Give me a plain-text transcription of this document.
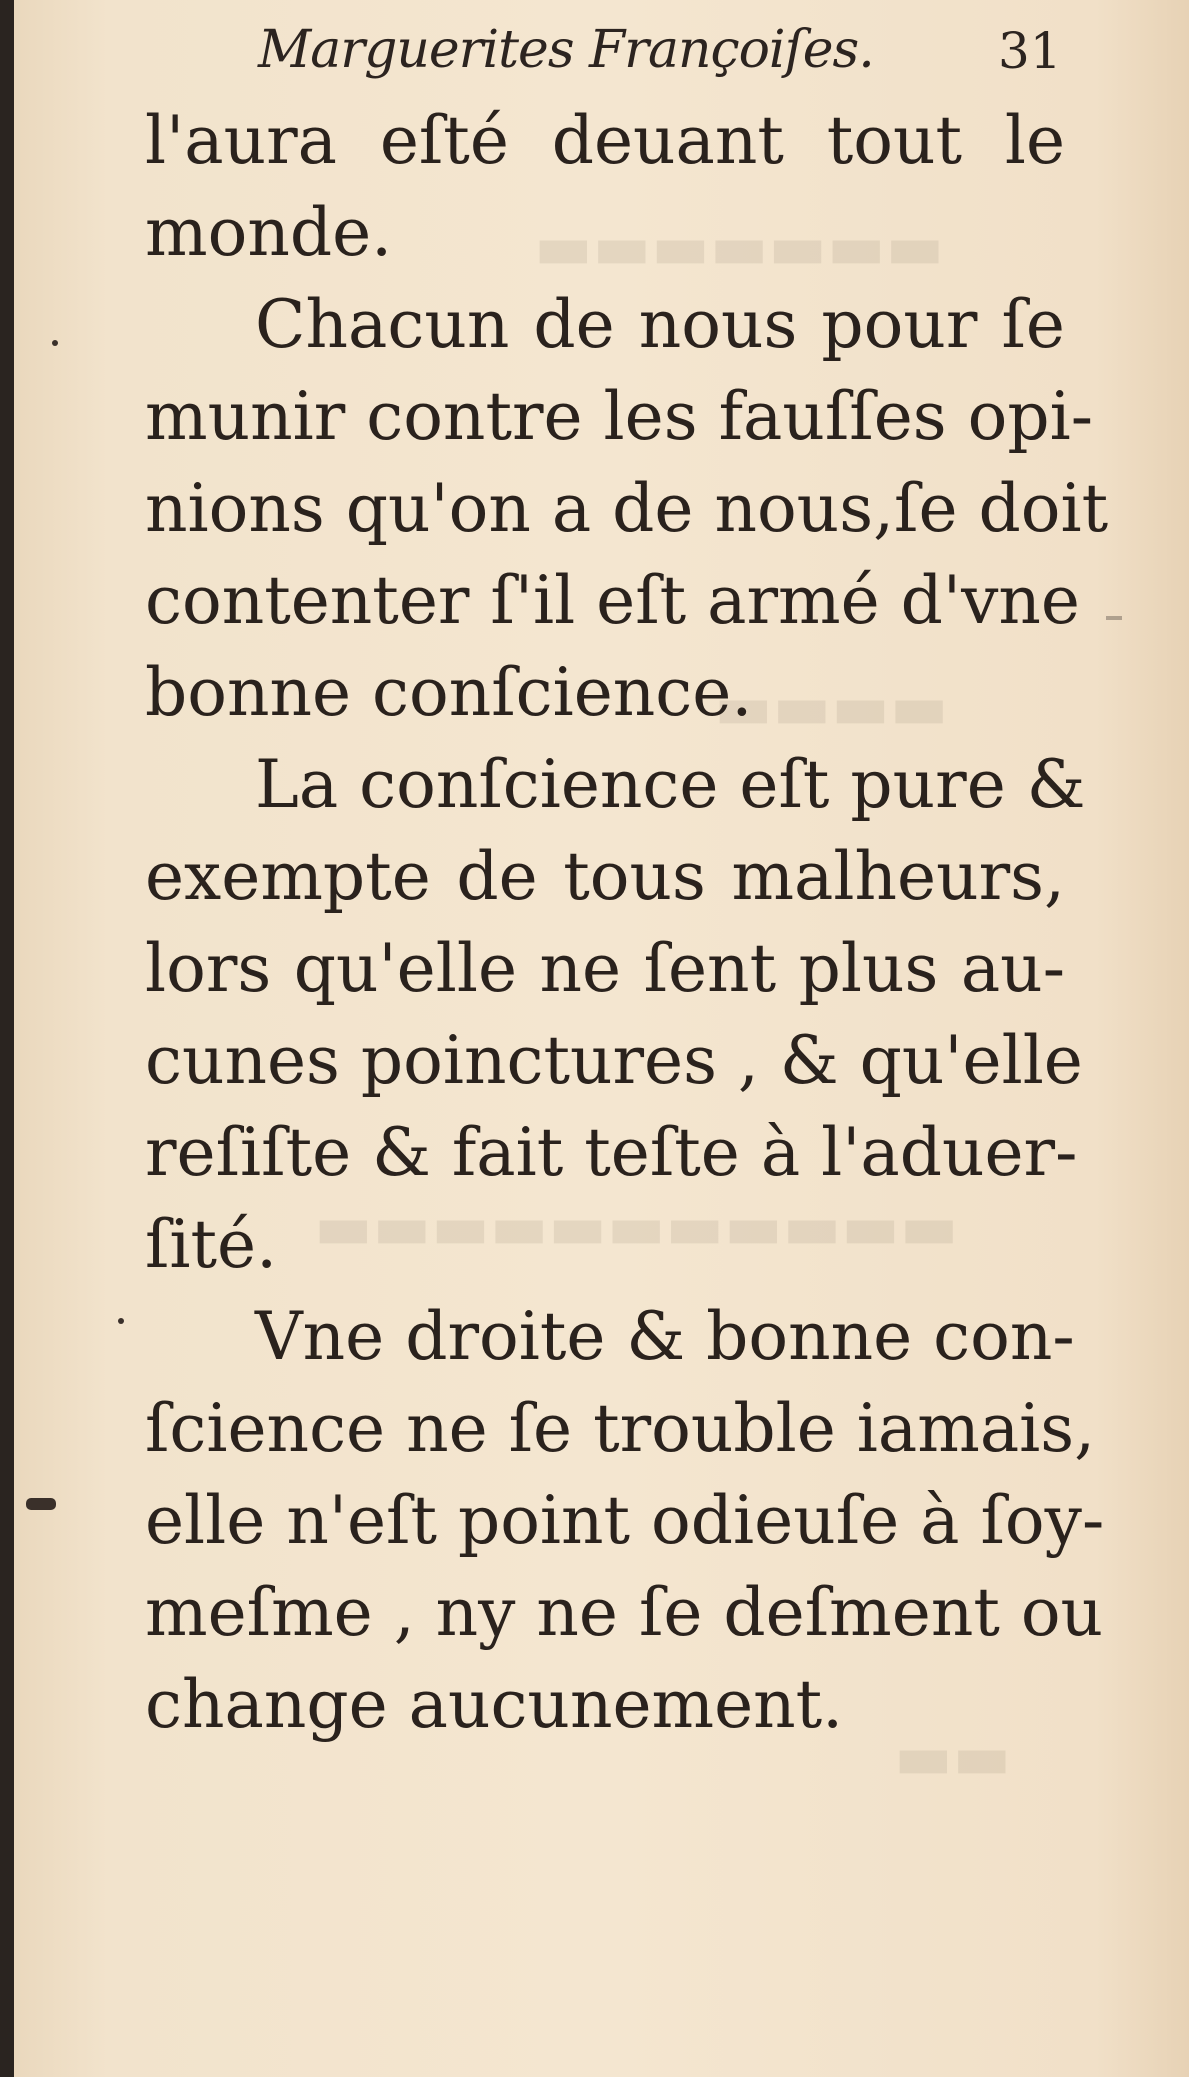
▬▬▬▬▬▬▬
▬▬▬▬
▬▬▬▬▬▬▬▬▬▬▬
▬▬
Marguerites Françoiſes. 31
l'aura eſté deuant tout le
monde.
Chacun de nous pour ſe
munir contre les fauſſes opi-
nions qu'on a de nous,ſe doit
contenter ſ'il eſt armé d'vne
bonne conſcience.
La conſcience eſt pure &
exempte de tous malheurs,
lors qu'elle ne ſent plus au-
cunes poinctures , & qu'elle
reſiſte & fait teſte à l'aduer-
ſité.
Vne droite & bonne con-
ſcience ne ſe trouble iamais,
elle n'eſt point odieuſe à ſoy-
meſme , ny ne ſe deſment ou
change aucunement.
